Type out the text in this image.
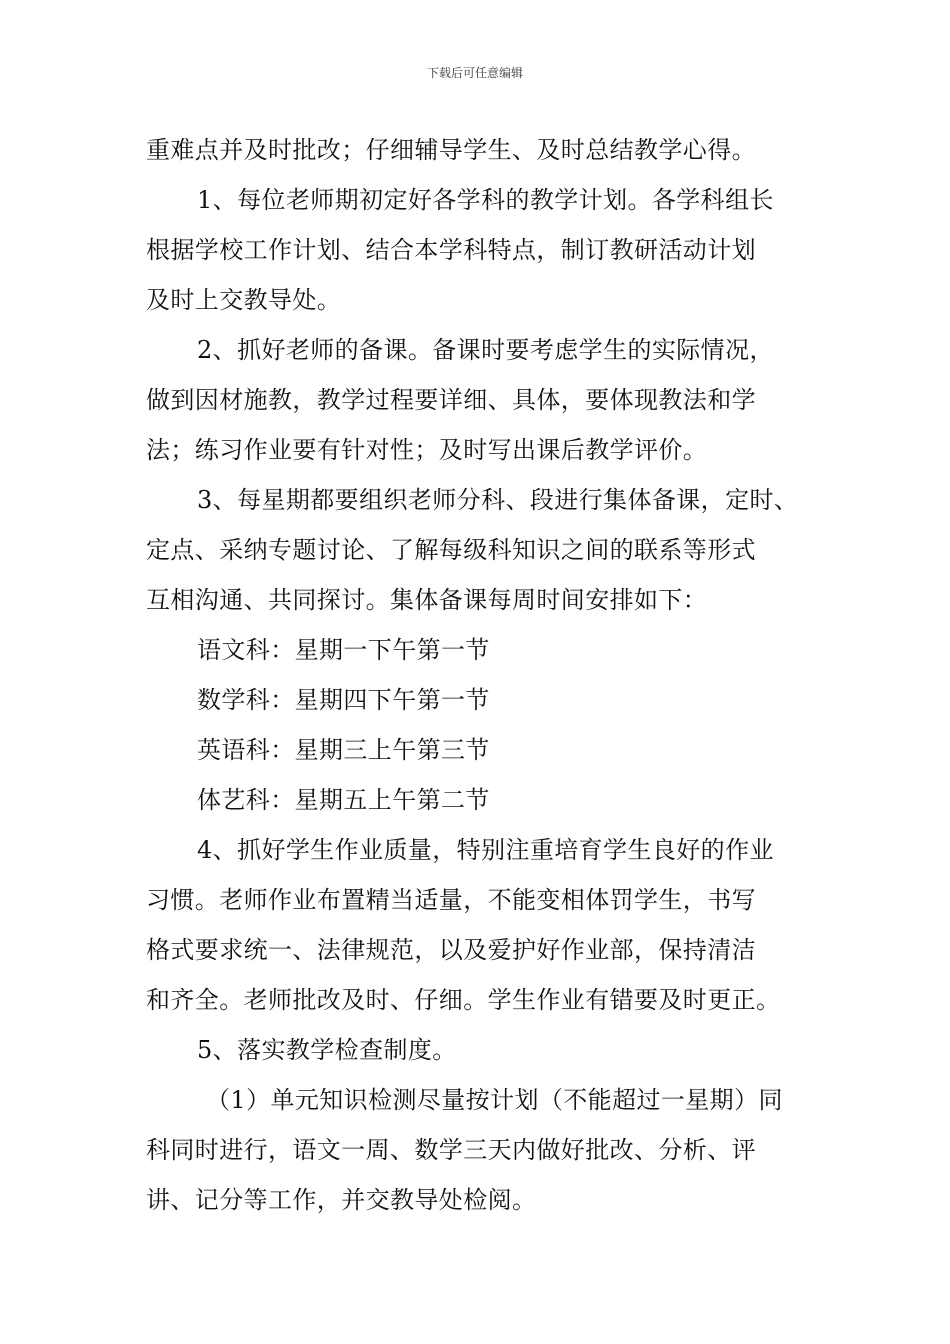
下载后可任意编辑
重难点并及时批改；仔细辅导学生、及时总结教学心得。
1、每位老师期初定好各学科的教学计划。各学科组长
根据学校工作计划、结合本学科特点，制订教研活动计划
及时上交教导处。
2、抓好老师的备课。备课时要考虑学生的实际情况，
做到因材施教，教学过程要详细、具体，要体现教法和学
法；练习作业要有针对性；及时写出课后教学评价。
3、每星期都要组织老师分科、段进行集体备课，定时、
定点、采纳专题讨论、了解每级科知识之间的联系等形式
互相沟通、共同探讨。集体备课每周时间安排如下：
语文科：星期一下午第一节
数学科：星期四下午第一节
英语科：星期三上午第三节
体艺科：星期五上午第二节
4、抓好学生作业质量，特别注重培育学生良好的作业
习惯。老师作业布置精当适量，不能变相体罚学生，书写
格式要求统一、法律规范，以及爱护好作业部，保持清洁
和齐全。老师批改及时、仔细。学生作业有错要及时更正。
5、落实教学检查制度。
（1）单元知识检测尽量按计划（不能超过一星期）同
科同时进行，语文一周、数学三天内做好批改、分析、评
讲、记分等工作，并交教导处检阅。
